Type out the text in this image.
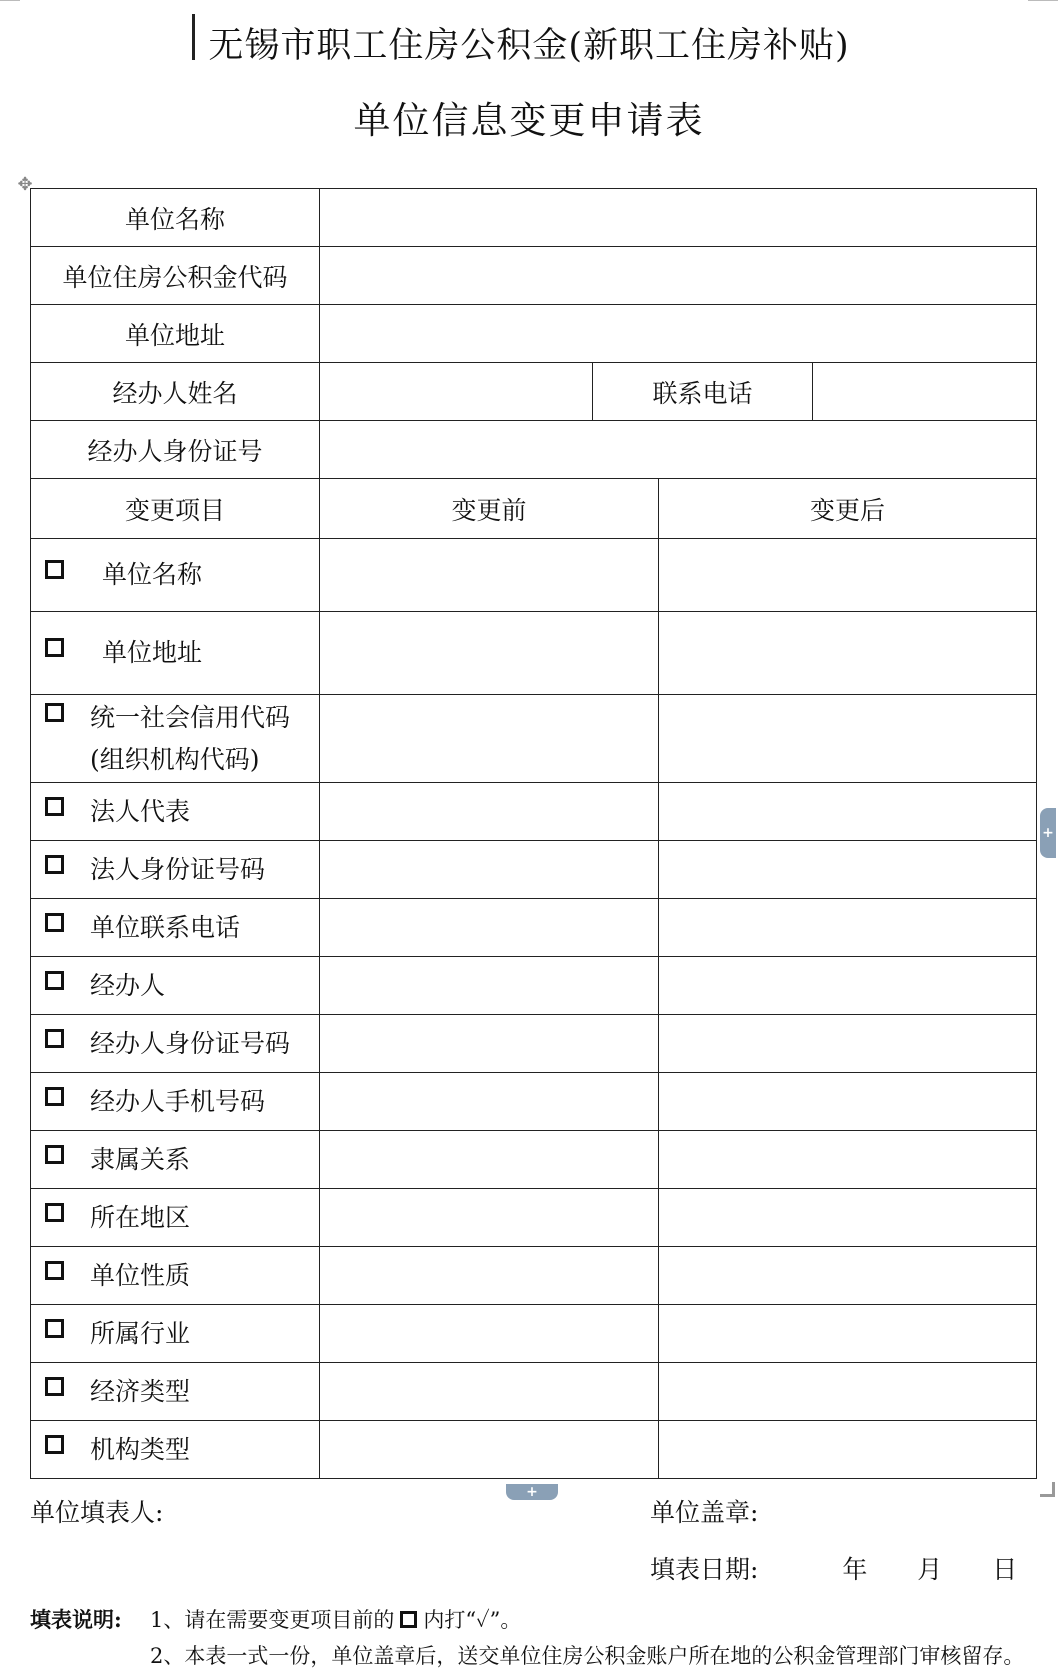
无锡市职工住房公积金(新职工住房补贴)
单位信息变更申请表
✥
单位名称				
单位住房公积金代码				
单位地址				
经办人姓名		联系电话		
经办人身份证号				
变更项目	变更前		变更后	

单位名称				

单位地址				

统一社会信用代码
(组织机构代码)				

法人代表				

法人身份证号码				

单位联系电话				

经办人				

经办人身份证号码				

经办人手机号码				

隶属关系				

所在地区				

单位性质				

所属行业				

经济类型				

机构类型				

+
+
单位填表人:	单位盖章:
填表日期:	年 月 日
填表说明: 1、请在需要变更项目前的 内打“✓”。
2、本表一式一份，单位盖章后，送交单位住房公积金账户所在地的公积金管理部门审核留存。
